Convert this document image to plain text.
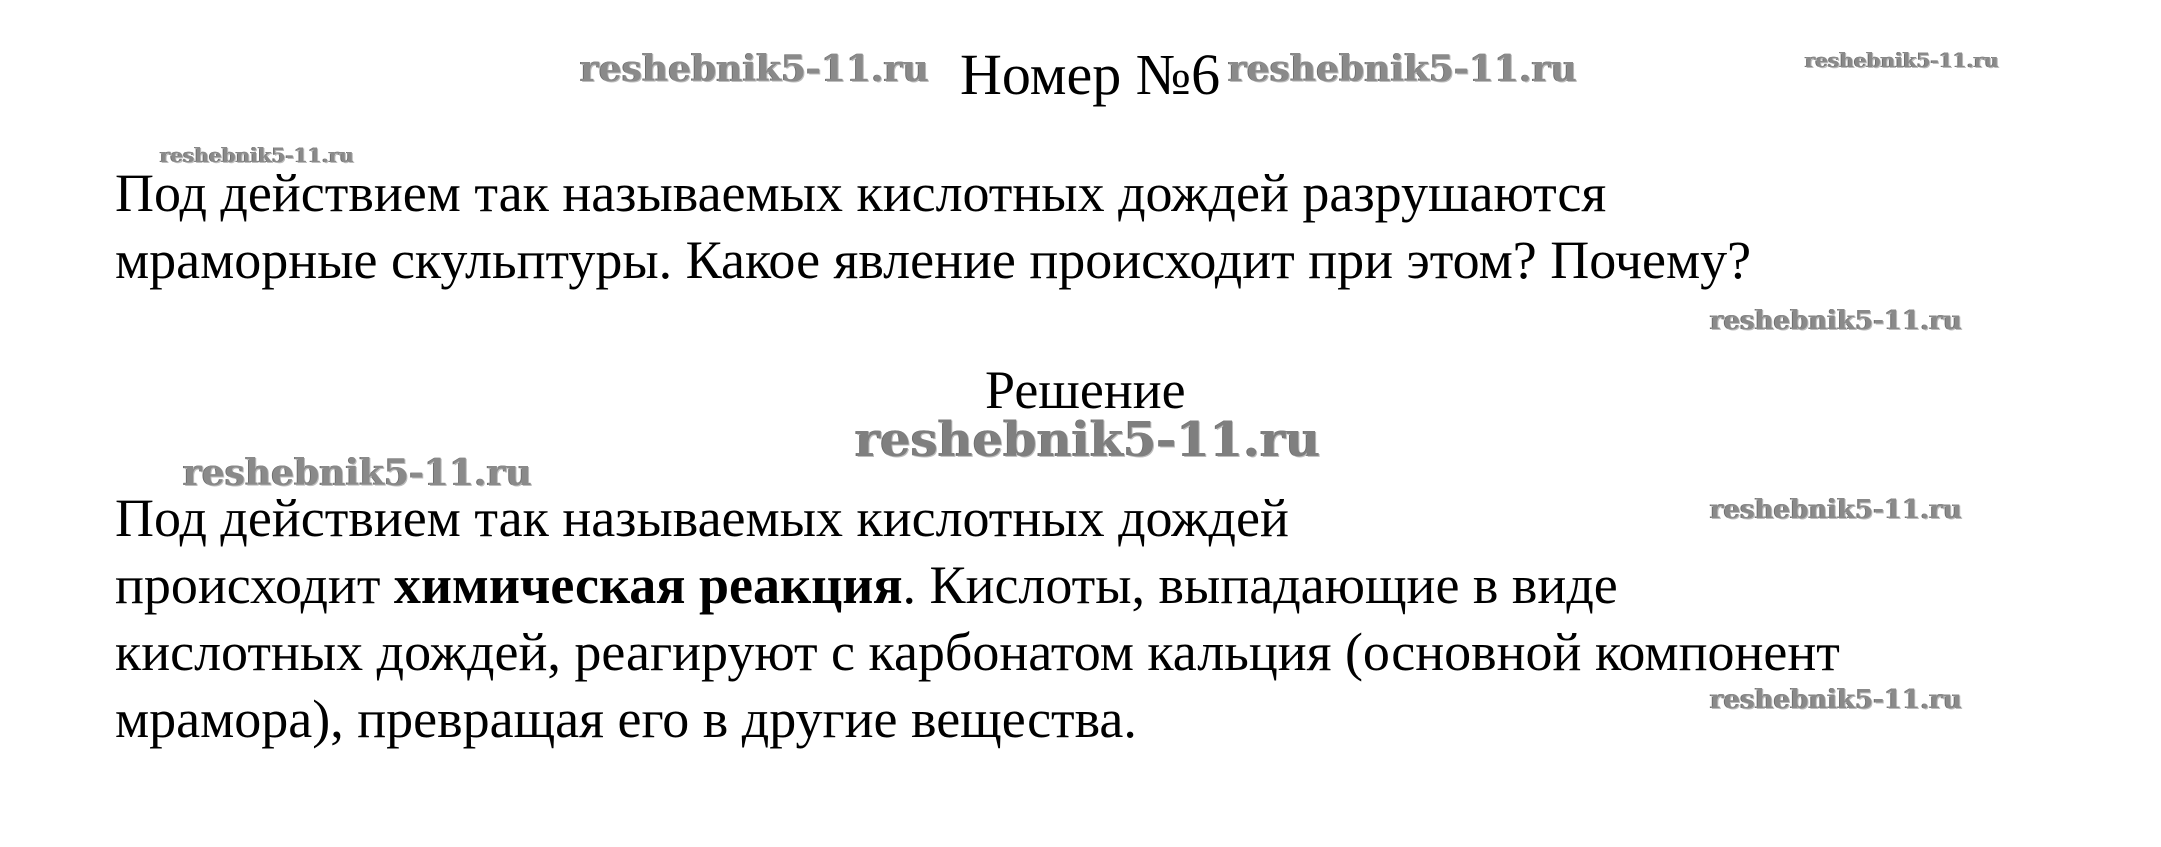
reshebnik5-11.ru	reshebnik5-11.ru	reshebnik5-11.ru
reshebnik5-11.ru
reshebnik5-11.ru
reshebnik5-11.ru
reshebnik5-11.ru
reshebnik5-11.ru
reshebnik5-11.ru
Номер №6
Под действием так называемых кислотных дождей разрушаются
мраморные скульптуры. Какое явление происходит при этом? Почему?
Решение
Под действием так называемых кислотных дождей
происходит химическая реакция. Кислоты, выпадающие в виде
кислотных дождей, реагируют с карбонатом кальция (основной компонент
мрамора), превращая его в другие вещества.
